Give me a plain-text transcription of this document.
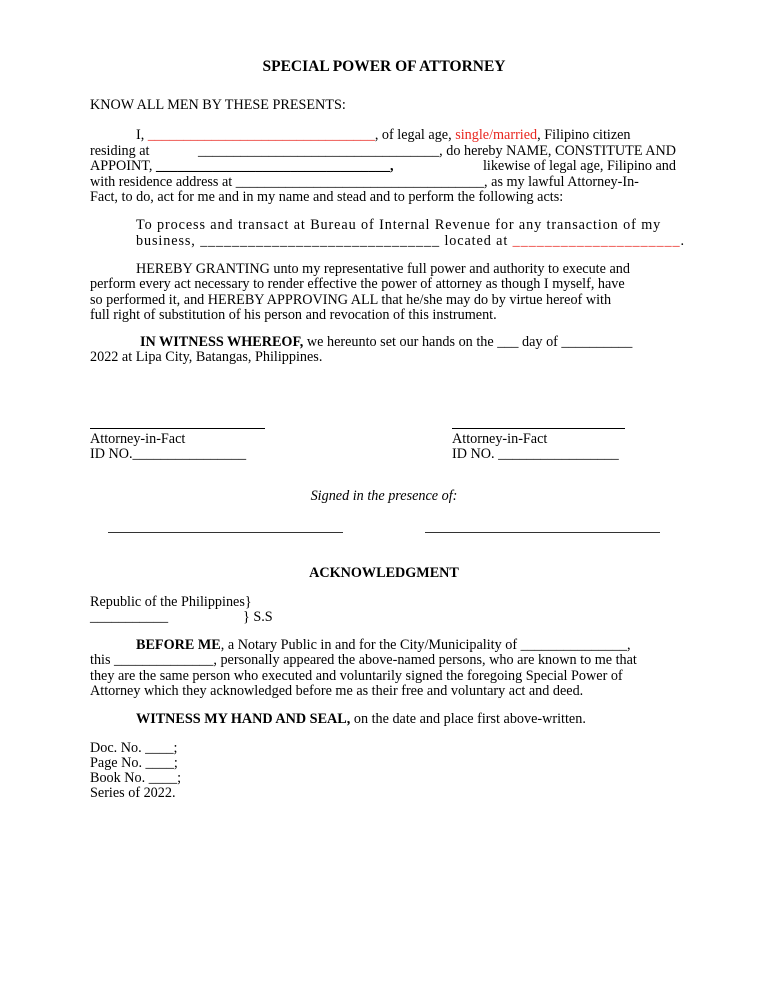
SPECIAL POWER OF ATTORNEY
KNOW ALL MEN BY THESE PRESENTS:
I, ________________________________, of legal age, single/married, Filipino citizen
residing at	__________________________________, do hereby NAME, CONSTITUTE AND
APPOINT, _________________________________,	likewise of legal age, Filipino and
with residence address at ___________________________________, as my lawful Attorney-In-
Fact, to do, act for me and in my name and stead and to perform the following acts:
To process and transact at Bureau of Internal Revenue for any transaction of my
business, ______________________________ located at _____________________.
HEREBY GRANTING unto my representative full power and authority to execute and
perform every act necessary to render effective the power of attorney as though I myself, have
so performed it, and HEREBY APPROVING ALL that he/she may do by virtue hereof with
full right of substitution of his person and revocation of this instrument.
IN WITNESS WHEREOF, we hereunto set our hands on the ___ day of __________
2022 at Lipa City, Batangas, Philippines.
Attorney-in-Fact
ID NO.________________
Attorney-in-Fact
ID NO. _________________
Signed in the presence of:
ACKNOWLEDGMENT
Republic of the Philippines}
___________	} S.S
BEFORE ME, a Notary Public in and for the City/Municipality of _______________,
this ______________, personally appeared the above-named persons, who are known to me that
they are the same person who executed and voluntarily signed the foregoing Special Power of
Attorney which they acknowledged before me as their free and voluntary act and deed.
WITNESS MY HAND AND SEAL, on the date and place first above-written.
Doc. No. ____;
Page No. ____;
Book No. ____;
Series of 2022.
